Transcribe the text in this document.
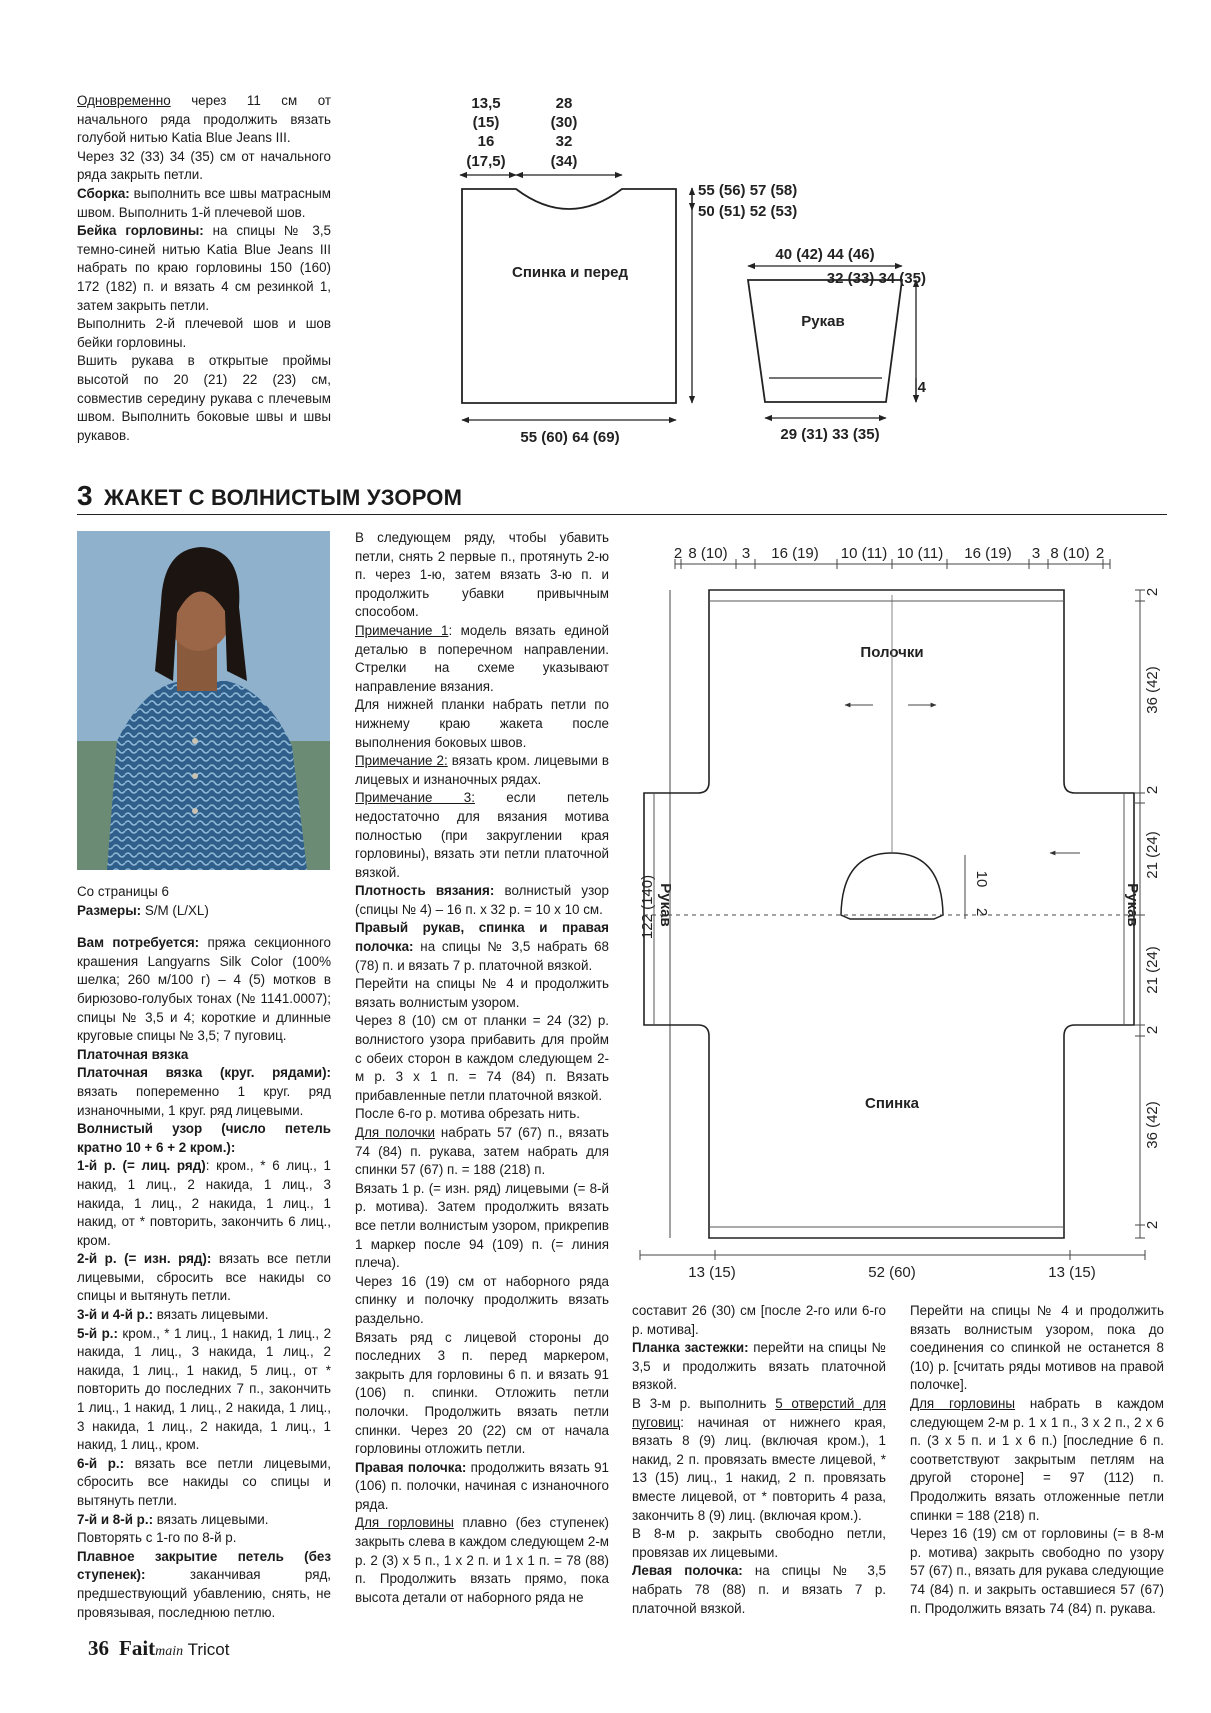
Одновременно через 11 см от начального ряда продолжить вязать голубой нитью Katia Blue Jeans III.

Через 32 (33) 34 (35) см от начального ряда закрыть петли.

Сборка: выполнить все швы матрасным швом. Выполнить 1-й плечевой шов.

Бейка горловины: на спицы № 3,5 темно-синей нитью Katia Blue Jeans III набрать по краю горловины 150 (160) 172 (182) п. и вязать 4 см резинкой 1, затем закрыть петли.

Выполнить 2-й плечевой шов и шов бейки горловины.

Вшить рукава в открытые проймы высотой по 20 (21) 22 (23) см, совместив середину рукава с плечевым швом. Выполнить боковые швы и швы рукавов.

13,5
(15)
16
(17,5)
28
(30)
32
(34)
55 (56) 57 (58)
50 (51) 52 (53)
Спинка и перед
55 (60) 64 (69)
40 (42) 44 (46)
Рукав
32 (33) 34 (35)
4
29 (31) 33 (35)
3 ЖАКЕТ С ВОЛНИСТЫМ УЗОРОМ

Со страницы 6

Размеры: S/M (L/XL)

Вам потребуется: пряжа секционного крашения Langyarns Silk Color (100% шелка; 260 м/100 г) – 4 (5) мотков в бирюзово-голубых тонах (№ 1141.0007); спицы № 3,5 и 4; короткие и длинные круговые спицы № 3,5; 7 пуговиц.

Платочная вязка

Платочная вязка (круг. рядами): вязать попеременно 1 круг. ряд изнаночными, 1 круг. ряд лицевыми.

Волнистый узор (число петель кратно 10 + 6 + 2 кром.):

1-й р. (= лиц. ряд): кром., * 6 лиц., 1 накид, 1 лиц., 2 накида, 1 лиц., 3 накида, 1 лиц., 2 накида, 1 лиц., 1 накид, от * повторить, закончить 6 лиц., кром.

2-й р. (= изн. ряд): вязать все петли лицевыми, сбросить все накиды со спицы и вытянуть петли.

3-й и 4-й р.: вязать лицевыми.

5-й р.: кром., * 1 лиц., 1 накид, 1 лиц., 2 накида, 1 лиц., 3 накида, 1 лиц., 2 накида, 1 лиц., 1 накид, 5 лиц., от * повторить до последних 7 п., закончить 1 лиц., 1 накид, 1 лиц., 2 накида, 1 лиц., 3 накида, 1 лиц., 2 накида, 1 лиц., 1 накид, 1 лиц., кром.

6-й р.: вязать все петли лицевыми, сбросить все накиды со спицы и вытянуть петли.

7-й и 8-й р.: вязать лицевыми.

Повторять с 1-го по 8-й р.

Плавное закрытие петель (без ступенек): заканчивая ряд, предшествующий убавлению, снять, не провязывая, последнюю петлю.

В следующем ряду, чтобы убавить петли, снять 2 первые п., протянуть 2-ю п. через 1-ю, затем вязать 3-ю п. и продолжить убавки привычным способом.

Примечание 1: модель вязать единой деталью в поперечном направлении. Стрелки на схеме указывают направление вязания.

Для нижней планки набрать петли по нижнему краю жакета после выполнения боковых швов.

Примечание 2: вязать кром. лицевыми в лицевых и изнаночных рядах.

Примечание 3: если петель недостаточно для вязания мотива полностью (при закруглении края горловины), вязать эти петли платочной вязкой.

Плотность вязания: волнистый узор (спицы № 4) – 16 п. х 32 р. = 10 х 10 см.

Правый рукав, спинка и правая полочка: на спицы № 3,5 набрать 68 (78) п. и вязать 7 р. платочной вязкой.

Перейти на спицы № 4 и продолжить вязать волнистым узором.

Через 8 (10) см от планки = 24 (32) р. волнистого узора прибавить для пройм с обеих сторон в каждом следующем 2-м р. 3 х 1 п. = 74 (84) п. Вязать прибавленные петли платочной вязкой.

После 6-го р. мотива обрезать нить.

Для полочки набрать 57 (67) п., вязать 74 (84) п. рукава, затем набрать для спинки 57 (67) п. = 188 (218) п.

Вязать 1 р. (= изн. ряд) лицевыми (= 8-й р. мотива). Затем продолжить вязать все петли волнистым узором, прикрепив 1 маркер после 94 (109) п. (= линия плеча).

Через 16 (19) см от наборного ряда спинку и полочку продолжить вязать раздельно.

Вязать ряд с лицевой стороны до последних 3 п. перед маркером, закрыть для горловины 6 п. и вязать 91 (106) п. спинки. Отложить петли полочки. Продолжить вязать петли спинки. Через 20 (22) см от начала горловины отложить петли.

Правая полочка: продолжить вязать 91 (106) п. полочки, начиная с изнаночного ряда.

Для горловины плавно (без ступенек) закрыть слева в каждом следующем 2-м р. 2 (3) х 5 п., 1 х 2 п. и 1 х 1 п. = 78 (88) п. Продолжить вязать прямо, пока высота детали от наборного ряда не

составит 26 (30) см [после 2-го или 6-го р. мотива].

Планка застежки: перейти на спицы № 3,5 и продолжить вязать платочной вязкой.

В 3-м р. выполнить 5 отверстий для пуговиц: начиная от нижнего края, вязать 8 (9) лиц. (включая кром.), 1 накид, 2 п. провязать вместе лицевой, * 13 (15) лиц., 1 накид, 2 п. провязать вместе лицевой, от * повторить 4 раза, закончить 8 (9) лиц. (включая кром.).

В 8-м р. закрыть свободно петли, провязав их лицевыми.

Левая полочка: на спицы № 3,5 набрать 78 (88) п. и вязать 7 р. платочной вязкой.

Перейти на спицы № 4 и продолжить вязать волнистым узором, пока до соединения со спинкой не останется 8 (10) р. [считать ряды мотивов на правой полочке].

Для горловины набрать в каждом следующем 2-м р. 1 х 1 п., 3 х 2 п., 2 х 6 п. (3 х 5 п. и 1 х 6 п.) [последние 6 п. соответствуют закрытым петлям на другой стороне] = 97 (112) п. Продолжить вязать отложенные петли спинки = 188 (218) п.

Через 16 (19) см от горловины (= в 8-м р. мотива) закрыть свободно по узору 57 (67) п., вязать для рукава следующие 74 (84) п. и закрыть оставшиеся 57 (67) п. Продолжить вязать 74 (84) п. рукава.

2 8 (10) 3 16 (19) 10 (11) 10 (11) 16 (19) 3 8 (10) 2
13 (15)	52 (60)	13 (15)
Полочки
Спинка
Рукав	Рукав
122 (140)	10
2
2
36 (42)
2
21 (24)
21 (24)
2
36 (42)
2
36 Faitmain Tricot
